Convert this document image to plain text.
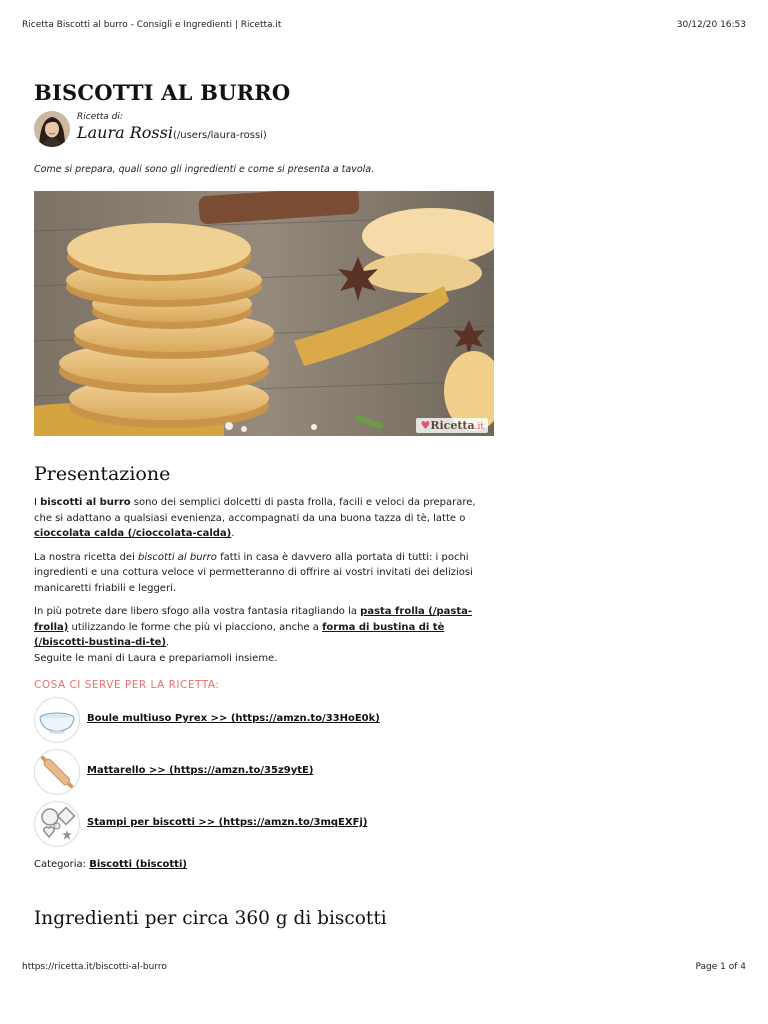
Ricetta Biscotti al burro - Consigli e Ingredienti | Ricetta.it	30/12/20 16:53
BISCOTTI AL BURRO
Ricetta di:
Laura Rossi(/users/laura-rossi)

Come si prepara, quali sono gli ingredienti e come si presenta a tavola.

♥Ricetta.it
Presentazione

I biscotti al burro sono dei semplici dolcetti di pasta frolla, facili e veloci da preparare, che si adattano a qualsiasi evenienza, accompagnati da una buona tazza di tè, latte o cioccolata calda (/cioccolata-calda).

La nostra ricetta dei biscotti al burro fatti in casa è davvero alla portata di tutti: i pochi ingredienti e una cottura veloce vi permetteranno di offrire ai vostri invitati dei deliziosi manicaretti friabili e leggeri.

In più potrete dare libero sfogo alla vostra fantasia ritagliando la pasta frolla (/pasta-frolla) utilizzando le forme che più vi piacciono, anche a forma di bustina di tè (/biscotti-bustina-di-te).
Seguite le mani di Laura e prepariamoli insieme.

COSA CI SERVE PER LA RICETTA:
Boule multiuso Pyrex >> (https://amzn.to/33HoE0k)
Mattarello >> (https://amzn.to/35z9ytE)
Stampi per biscotti >> (https://amzn.to/3mqEXFj)
Categoria: Biscotti (biscotti)
Ingredienti per circa 360 g di biscotti
https://ricetta.it/biscotti-al-burro	Page 1 of 4
